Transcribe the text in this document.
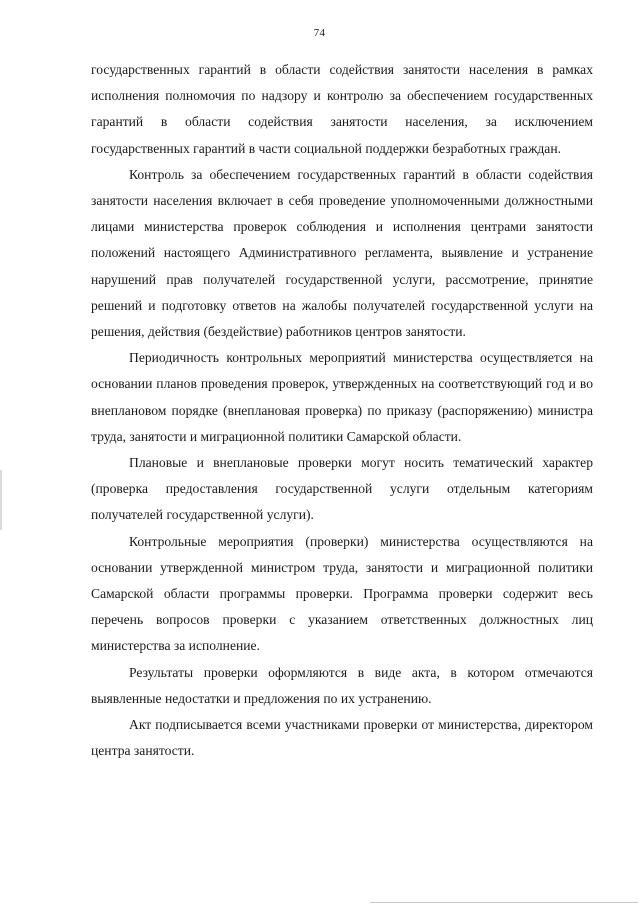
74

государственных гарантий в области содействия занятости населения в рамках исполнения полномочия по надзору и контролю за обеспечением государственных гарантий в области содействия занятости населения, за исключением государственных гарантий в части социальной поддержки безработных граждан.

Контроль за обеспечением государственных гарантий в области содействия занятости населения включает в себя проведение уполномоченными должностными лицами министерства проверок соблюдения и исполнения центрами занятости положений настоящего Административного регламента, выявление и устранение нарушений прав получателей государственной услуги, рассмотрение, принятие решений и подготовку ответов на жалобы получателей государственной услуги на решения, действия (бездействие) работников центров занятости.

Периодичность контрольных мероприятий министерства осуществляется на основании планов проведения проверок, утвержденных на соответствующий год и во внеплановом порядке (внеплановая проверка) по приказу (распоряжению) министра труда, занятости и миграционной политики Самарской области.

Плановые и внеплановые проверки могут носить тематический характер (проверка предоставления государственной услуги отдельным категориям получателей государственной услуги).

Контрольные мероприятия (проверки) министерства осуществляются на основании утвержденной министром труда, занятости и миграционной политики Самарской области программы проверки. Программа проверки содержит весь перечень вопросов проверки с указанием ответственных должностных лиц министерства за исполнение.

Результаты проверки оформляются в виде акта, в котором отмечаются выявленные недостатки и предложения по их устранению.

Акт подписывается всеми участниками проверки от министерства, директором центра занятости.
